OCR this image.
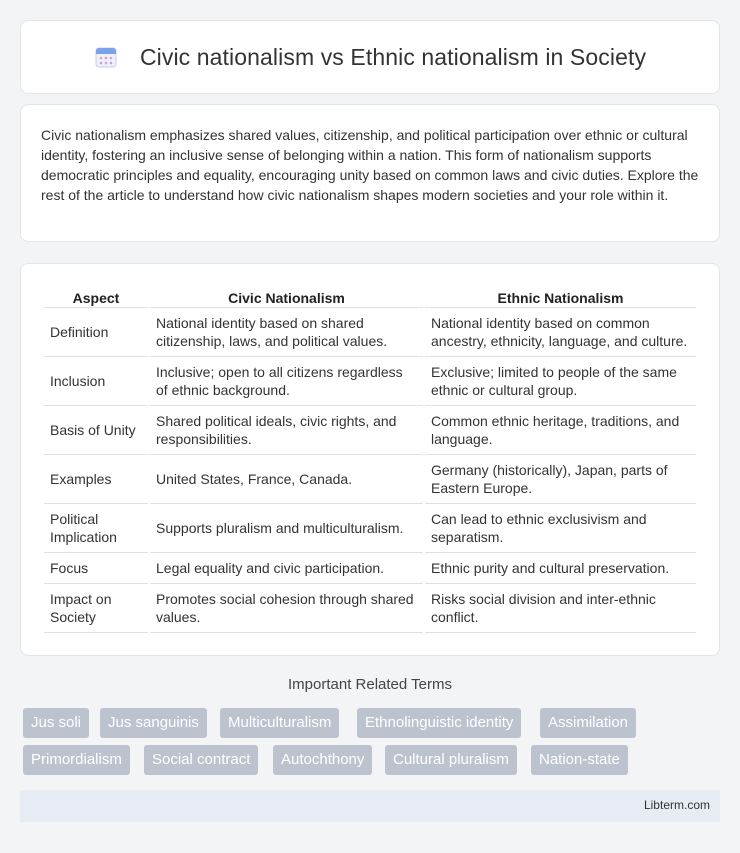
Civic nationalism vs Ethnic nationalism in Society

Civic nationalism emphasizes shared values, citizenship, and political participation over ethnic or cultural identity, fostering an inclusive sense of belonging within a nation. This form of nationalism supports democratic principles and equality, encouraging unity based on common laws and civic duties. Explore the rest of the article to understand how civic nationalism shapes modern societies and your role within it.

Aspect	Civic Nationalism	Ethnic Nationalism
Definition	National identity based on shared citizenship, laws, and political values.	National identity based on common ancestry, ethnicity, language, and culture.
Inclusion	Inclusive; open to all citizens regardless of ethnic background.	Exclusive; limited to people of the same ethnic or cultural group.
Basis of Unity	Shared political ideals, civic rights, and responsibilities.	Common ethnic heritage, traditions, and language.
Examples	United States, France, Canada.	Germany (historically), Japan, parts of Eastern Europe.
Political Implication	Supports pluralism and multiculturalism.	Can lead to ethnic exclusivism and separatism.
Focus	Legal equality and civic participation.	Ethnic purity and cultural preservation.
Impact on Society	Promotes social cohesion through shared values.	Risks social division and inter-ethnic conflict.
Important Related Terms
Jus soli	Jus sanguinis	Multiculturalism	Ethnolinguistic identity	Assimilation
Primordialism	Social contract	Autochthony	Cultural pluralism	Nation-state
Libterm.com
